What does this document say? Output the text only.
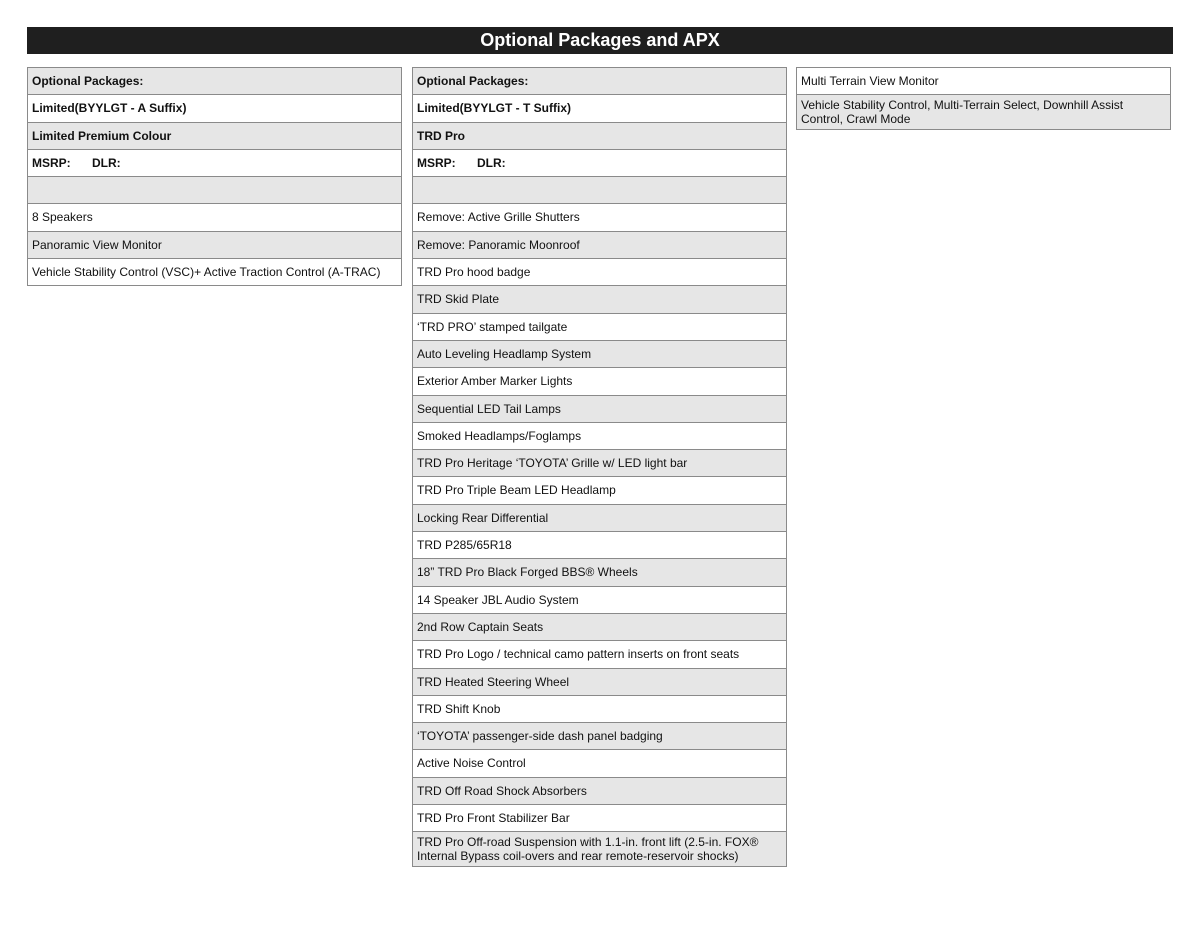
Optional Packages and APX
Optional Packages:
Limited(BYYLGT - A Suffix)
Limited Premium Colour
MSRP: DLR:
8 Speakers
Panoramic View Monitor
Vehicle Stability Control (VSC)+ Active Traction Control (A-TRAC)
Optional Packages:
Limited(BYYLGT - T Suffix)
TRD Pro
MSRP: DLR:
Remove: Active Grille Shutters
Remove: Panoramic Moonroof
TRD Pro hood badge
TRD Skid Plate
‘TRD PRO’ stamped tailgate
Auto Leveling Headlamp System
Exterior Amber Marker Lights
Sequential LED Tail Lamps
Smoked Headlamps/Foglamps
TRD Pro Heritage ‘TOYOTA’ Grille w/ LED light bar
TRD Pro Triple Beam LED Headlamp
Locking Rear Differential
TRD P285/65R18
18” TRD Pro Black Forged BBS® Wheels
14 Speaker JBL Audio System
2nd Row Captain Seats
TRD Pro Logo / technical camo pattern inserts on front seats
TRD Heated Steering Wheel
TRD Shift Knob
‘TOYOTA’ passenger-side dash panel badging
Active Noise Control
TRD Off Road Shock Absorbers
TRD Pro Front Stabilizer Bar
TRD Pro Off-road Suspension with 1.1-in. front lift (2.5-in. FOX® Internal Bypass coil-overs and rear remote-reservoir shocks)
Multi Terrain View Monitor
Vehicle Stability Control, Multi-Terrain Select, Downhill Assist Control, Crawl Mode
